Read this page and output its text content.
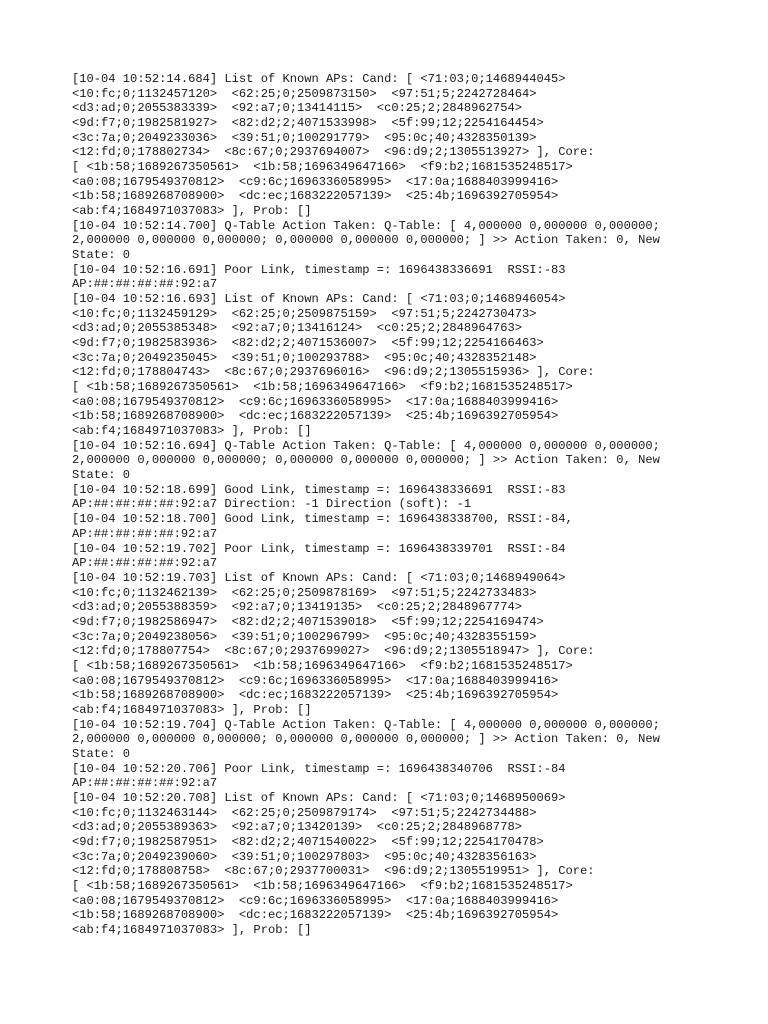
[10-04 10:52:14.684] List of Known APs: Cand: [ <71:03;0;1468944045>
<10:fc;0;1132457120>  <62:25;0;2509873150>  <97:51;5;2242728464>
<d3:ad;0;2055383339>  <92:a7;0;13414115>  <c0:25;2;2848962754>
<9d:f7;0;1982581927>  <82:d2;2;4071533998>  <5f:99;12;2254164454>
<3c:7a;0;2049233036>  <39:51;0;100291779>  <95:0c;40;4328350139>
<12:fd;0;178802734>  <8c:67;0;2937694007>  <96:d9;2;1305513927> ], Core:
[ <1b:58;1689267350561>  <1b:58;1696349647166>  <f9:b2;1681535248517>
<a0:08;1679549370812>  <c9:6c;1696336058995>  <17:0a;1688403999416>
<1b:58;1689268708900>  <dc:ec;1683222057139>  <25:4b;1696392705954>
<ab:f4;1684971037083> ], Prob: []
[10-04 10:52:14.700] Q-Table Action Taken: Q-Table: [ 4,000000 0,000000 0,000000;
2,000000 0,000000 0,000000; 0,000000 0,000000 0,000000; ] >> Action Taken: 0, New
State: 0
[10-04 10:52:16.691] Poor Link, timestamp =: 1696438336691  RSSI:-83
AP:##:##:##:##:92:a7
[10-04 10:52:16.693] List of Known APs: Cand: [ <71:03;0;1468946054>
<10:fc;0;1132459129>  <62:25;0;2509875159>  <97:51;5;2242730473>
<d3:ad;0;2055385348>  <92:a7;0;13416124>  <c0:25;2;2848964763>
<9d:f7;0;1982583936>  <82:d2;2;4071536007>  <5f:99;12;2254166463>
<3c:7a;0;2049235045>  <39:51;0;100293788>  <95:0c;40;4328352148>
<12:fd;0;178804743>  <8c:67;0;2937696016>  <96:d9;2;1305515936> ], Core:
[ <1b:58;1689267350561>  <1b:58;1696349647166>  <f9:b2;1681535248517>
<a0:08;1679549370812>  <c9:6c;1696336058995>  <17:0a;1688403999416>
<1b:58;1689268708900>  <dc:ec;1683222057139>  <25:4b;1696392705954>
<ab:f4;1684971037083> ], Prob: []
[10-04 10:52:16.694] Q-Table Action Taken: Q-Table: [ 4,000000 0,000000 0,000000;
2,000000 0,000000 0,000000; 0,000000 0,000000 0,000000; ] >> Action Taken: 0, New
State: 0
[10-04 10:52:18.699] Good Link, timestamp =: 1696438336691  RSSI:-83
AP:##:##:##:##:92:a7 Direction: -1 Direction (soft): -1
[10-04 10:52:18.700] Good Link, timestamp =: 1696438338700, RSSI:-84,
AP:##:##:##:##:92:a7
[10-04 10:52:19.702] Poor Link, timestamp =: 1696438339701  RSSI:-84
AP:##:##:##:##:92:a7
[10-04 10:52:19.703] List of Known APs: Cand: [ <71:03;0;1468949064>
<10:fc;0;1132462139>  <62:25;0;2509878169>  <97:51;5;2242733483>
<d3:ad;0;2055388359>  <92:a7;0;13419135>  <c0:25;2;2848967774>
<9d:f7;0;1982586947>  <82:d2;2;4071539018>  <5f:99;12;2254169474>
<3c:7a;0;2049238056>  <39:51;0;100296799>  <95:0c;40;4328355159>
<12:fd;0;178807754>  <8c:67;0;2937699027>  <96:d9;2;1305518947> ], Core:
[ <1b:58;1689267350561>  <1b:58;1696349647166>  <f9:b2;1681535248517>
<a0:08;1679549370812>  <c9:6c;1696336058995>  <17:0a;1688403999416>
<1b:58;1689268708900>  <dc:ec;1683222057139>  <25:4b;1696392705954>
<ab:f4;1684971037083> ], Prob: []
[10-04 10:52:19.704] Q-Table Action Taken: Q-Table: [ 4,000000 0,000000 0,000000;
2,000000 0,000000 0,000000; 0,000000 0,000000 0,000000; ] >> Action Taken: 0, New
State: 0
[10-04 10:52:20.706] Poor Link, timestamp =: 1696438340706  RSSI:-84
AP:##:##:##:##:92:a7
[10-04 10:52:20.708] List of Known APs: Cand: [ <71:03;0;1468950069>
<10:fc;0;1132463144>  <62:25;0;2509879174>  <97:51;5;2242734488>
<d3:ad;0;2055389363>  <92:a7;0;13420139>  <c0:25;2;2848968778>
<9d:f7;0;1982587951>  <82:d2;2;4071540022>  <5f:99;12;2254170478>
<3c:7a;0;2049239060>  <39:51;0;100297803>  <95:0c;40;4328356163>
<12:fd;0;178808758>  <8c:67;0;2937700031>  <96:d9;2;1305519951> ], Core:
[ <1b:58;1689267350561>  <1b:58;1696349647166>  <f9:b2;1681535248517>
<a0:08;1679549370812>  <c9:6c;1696336058995>  <17:0a;1688403999416>
<1b:58;1689268708900>  <dc:ec;1683222057139>  <25:4b;1696392705954>
<ab:f4;1684971037083> ], Prob: []
